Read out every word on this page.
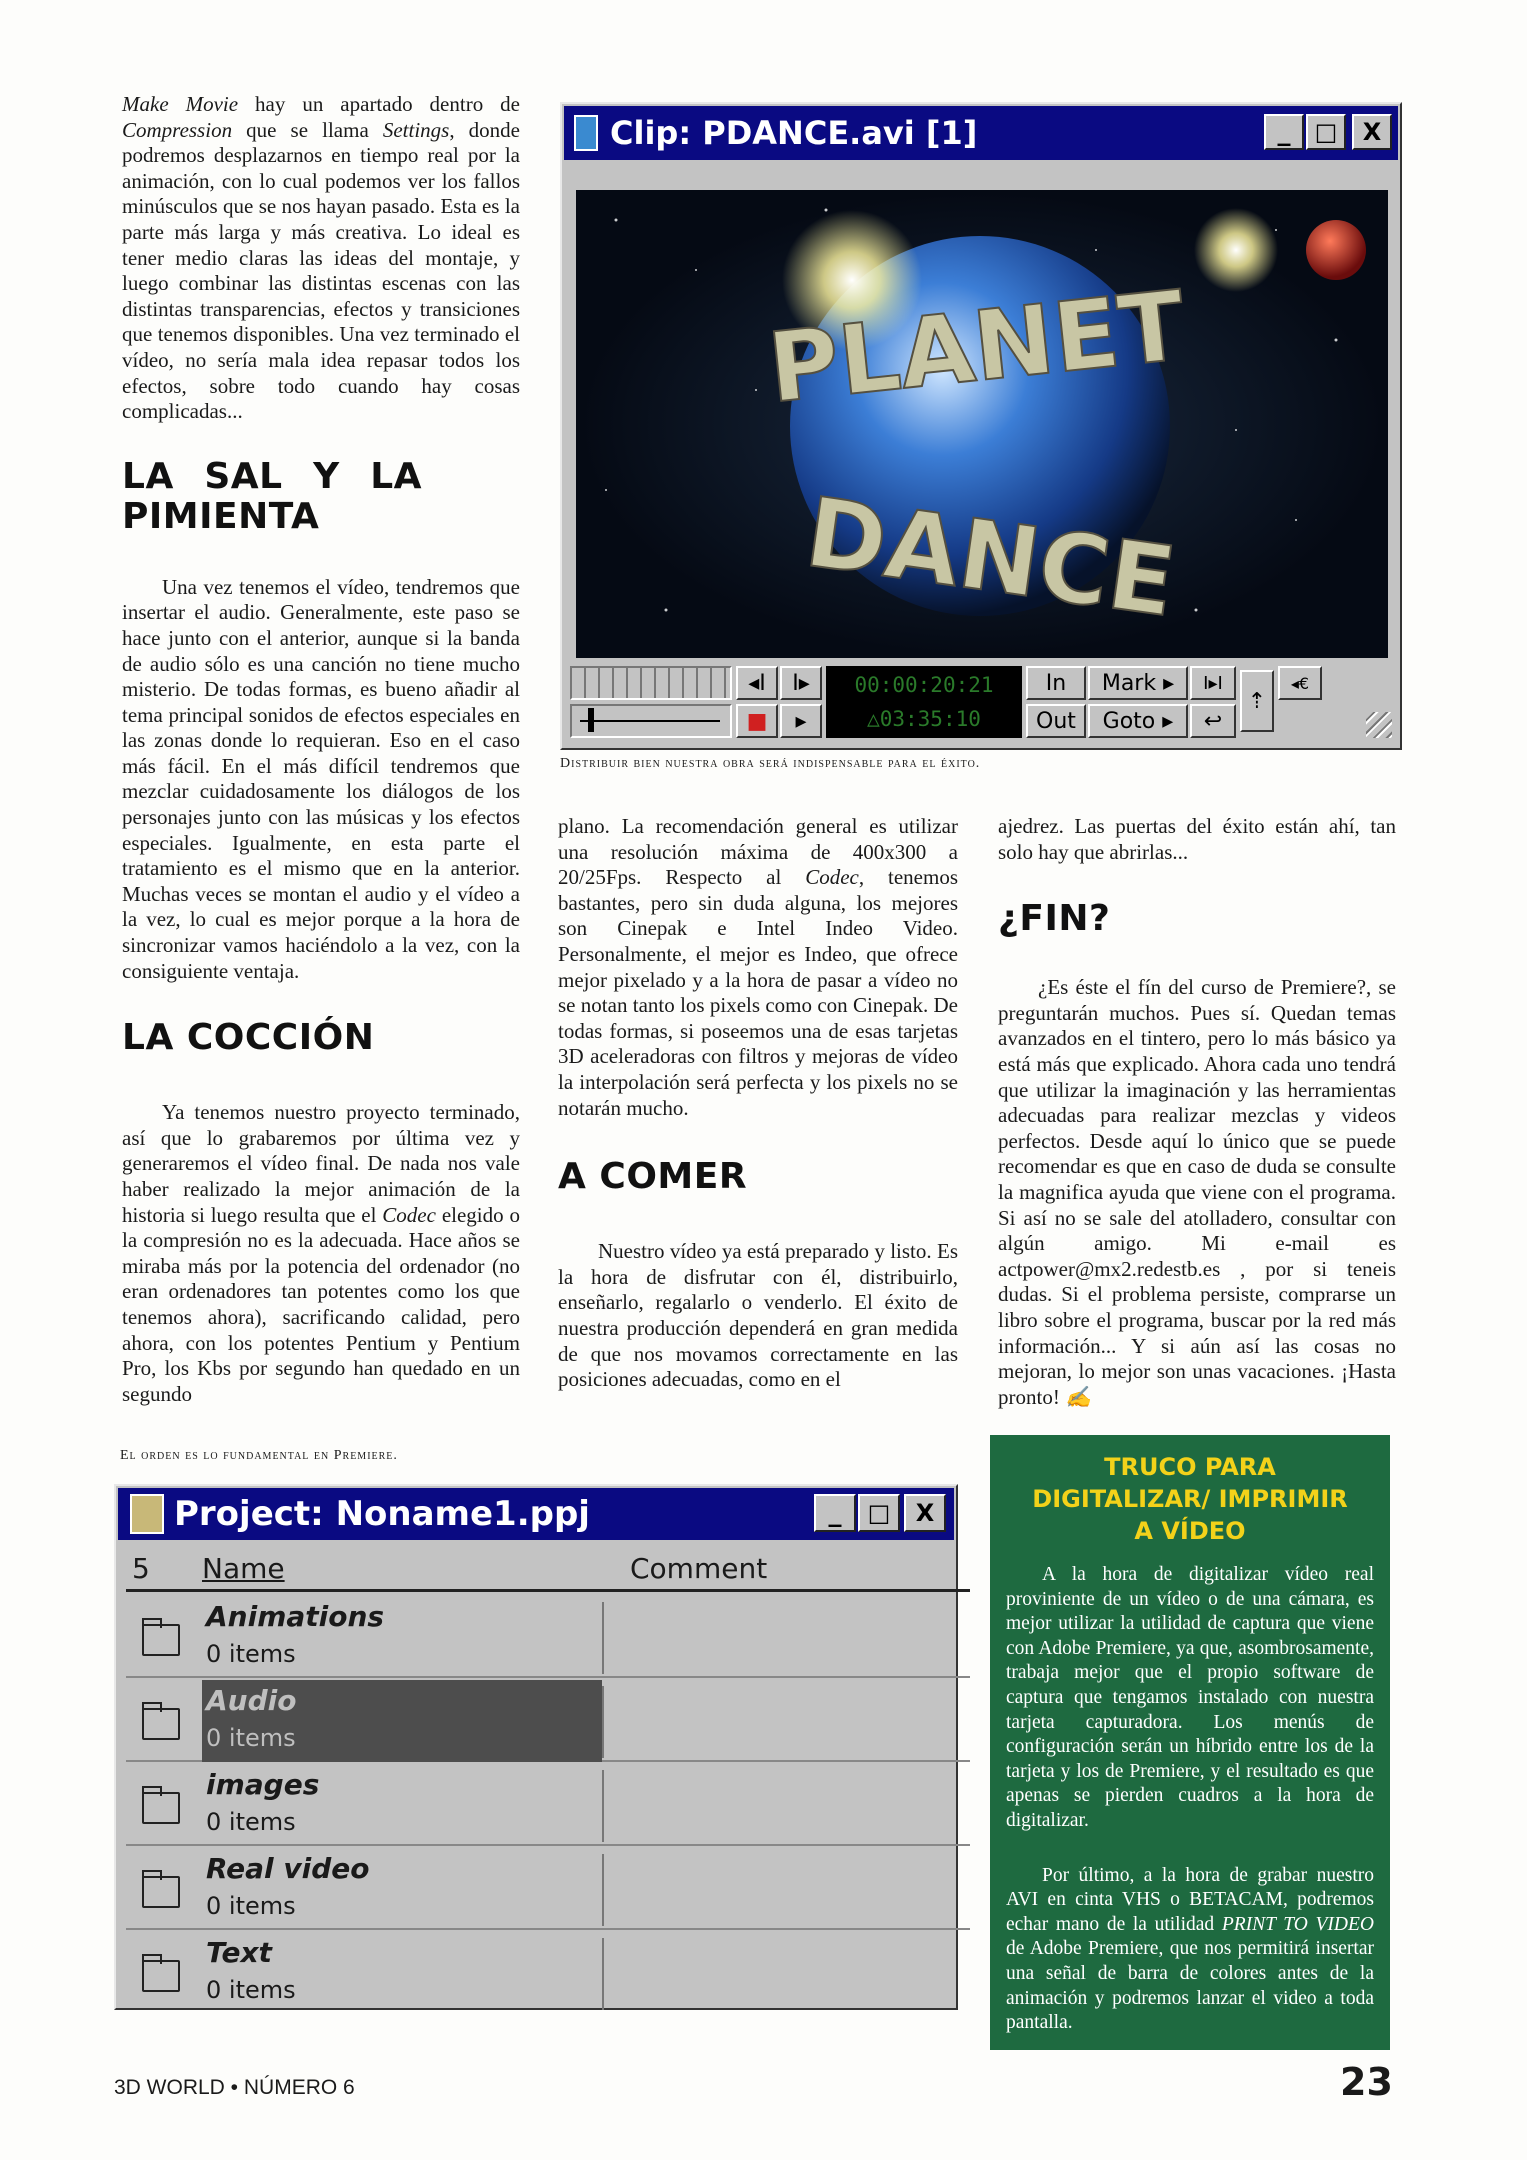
Make Movie hay un apartado dentro de Compression que se llama Settings, donde podremos desplazarnos en tiempo real por la animación, con lo cual podemos ver los fallos minúsculos que se nos hayan pasado. Esta es la parte más larga y más creativa. Lo ideal es tener medio claras las ideas del montaje, y luego combinar las distintas escenas con las distintas transparencias, efectos y transiciones que tenemos disponibles. Una vez terminado el vídeo, no sería mala idea repasar todos los efectos, sobre todo cuando hay cosas complicadas...

LA SAL Y LA PIMIENTA

Una vez tenemos el vídeo, tendremos que insertar el audio. Generalmente, este paso se hace junto con el anterior, aunque si la banda de audio sólo es una canción no tiene mucho misterio. De todas formas, es bueno añadir al tema principal sonidos de efectos especiales en las zonas donde lo requieran. Eso en el caso más fácil. En el más difícil tendremos que mezclar cuidadosamente los diálogos de los personajes junto con las músicas y los efectos especiales. Igualmente, en esta parte el tratamiento es el mismo que en la anterior. Muchas veces se montan el audio y el vídeo a la vez, lo cual es mejor porque a la hora de sincronizar vamos haciéndolo a la vez, con la consiguiente ventaja.

LA COCCIÓN

Ya tenemos nuestro proyecto terminado, así que lo grabaremos por última vez y generaremos el vídeo final. De nada nos vale haber realizado la mejor animación de la historia si luego resulta que el Codec elegido o la compresión no es la adecuada. Hace años se miraba más por la potencia del ordenador (no eran ordenadores tan potentes como los que tenemos ahora), sacrificando calidad, pero ahora, con los potentes Pentium y Pentium Pro, los Kbs por segundo han quedado en un segundo

Clip: PDANCE.avi [1]	_	□	X
PLANET
DANCE
◂I	I▸
■	▸
00:00:20:21
△03:35:10
In
Out
Mark ▸
Goto ▸
I▸I
↩
⇡
◂€
Distribuir bien nuestra obra será indispensable para el éxito.

plano. La recomendación general es utilizar una resolución máxima de 400x300 a 20/25Fps. Respecto al Codec, tenemos bastantes, pero sin duda alguna, los mejores son Cinepak e Intel Indeo Video. Personalmente, el mejor es Indeo, que ofrece mejor pixelado y a la hora de pasar a vídeo no se notan tanto los pixels como con Cinepak. De todas formas, si poseemos una de esas tarjetas 3D aceleradoras con filtros y mejoras de vídeo la interpolación será perfecta y los pixels no se notarán mucho.

A COMER

Nuestro vídeo ya está preparado y listo. Es la hora de disfrutar con él, distribuirlo, enseñarlo, regalarlo o venderlo. El éxito de nuestra producción dependerá en gran medida de que nos movamos correctamente en las posiciones adecuadas, como en el

ajedrez. Las puertas del éxito están ahí, tan solo hay que abrirlas...

¿FIN?

¿Es éste el fín del curso de Premiere?, se preguntarán muchos. Pues sí. Quedan temas avanzados en el tintero, pero lo más básico ya está más que explicado. Ahora cada uno tendrá que utilizar la imaginación y las herramientas adecuadas para realizar mezclas y videos perfectos. Desde aquí lo único que se puede recomendar es que en caso de duda se consulte la magnifica ayuda que viene con el programa. Si así no se sale del atolladero, consultar con algún amigo. Mi e-mail es actpower@mx2.redestb.es , por si teneis dudas. Si el problema persiste, comprarse un libro sobre el programa, buscar por la red más información... Y si aún así las cosas no mejoran, lo mejor son unas vacaciones. ¡Hasta pronto! ✍

El orden es lo fundamental en Premiere.
Project: Noname1.ppj	_	□	X
5 Name	Comment
Animations
0 items
Audio
0 items
images
0 items
Real video
0 items
Text
0 items
TRUCO PARA DIGITALIZAR/ IMPRIMIR A VÍDEO

A la hora de digitalizar vídeo real proviniente de un vídeo o de una cámara, es mejor utilizar la utilidad de captura que viene con Adobe Premiere, ya que, asombrosamente, trabaja mejor que el propio software de captura que tengamos instalado con nuestra tarjeta capturadora. Los menús de configuración serán un híbrido entre los de la tarjeta y los de Premiere, y el resultado es que apenas se pierden cuadros a la hora de digitalizar.

Por último, a la hora de grabar nuestro AVI en cinta VHS o BETACAM, podremos echar mano de la utilidad PRINT TO VIDEO de Adobe Premiere, que nos permitirá insertar una señal de barra de colores antes de la animación y podremos lanzar el video a toda pantalla.

3D WORLD • NÚMERO 6	23
